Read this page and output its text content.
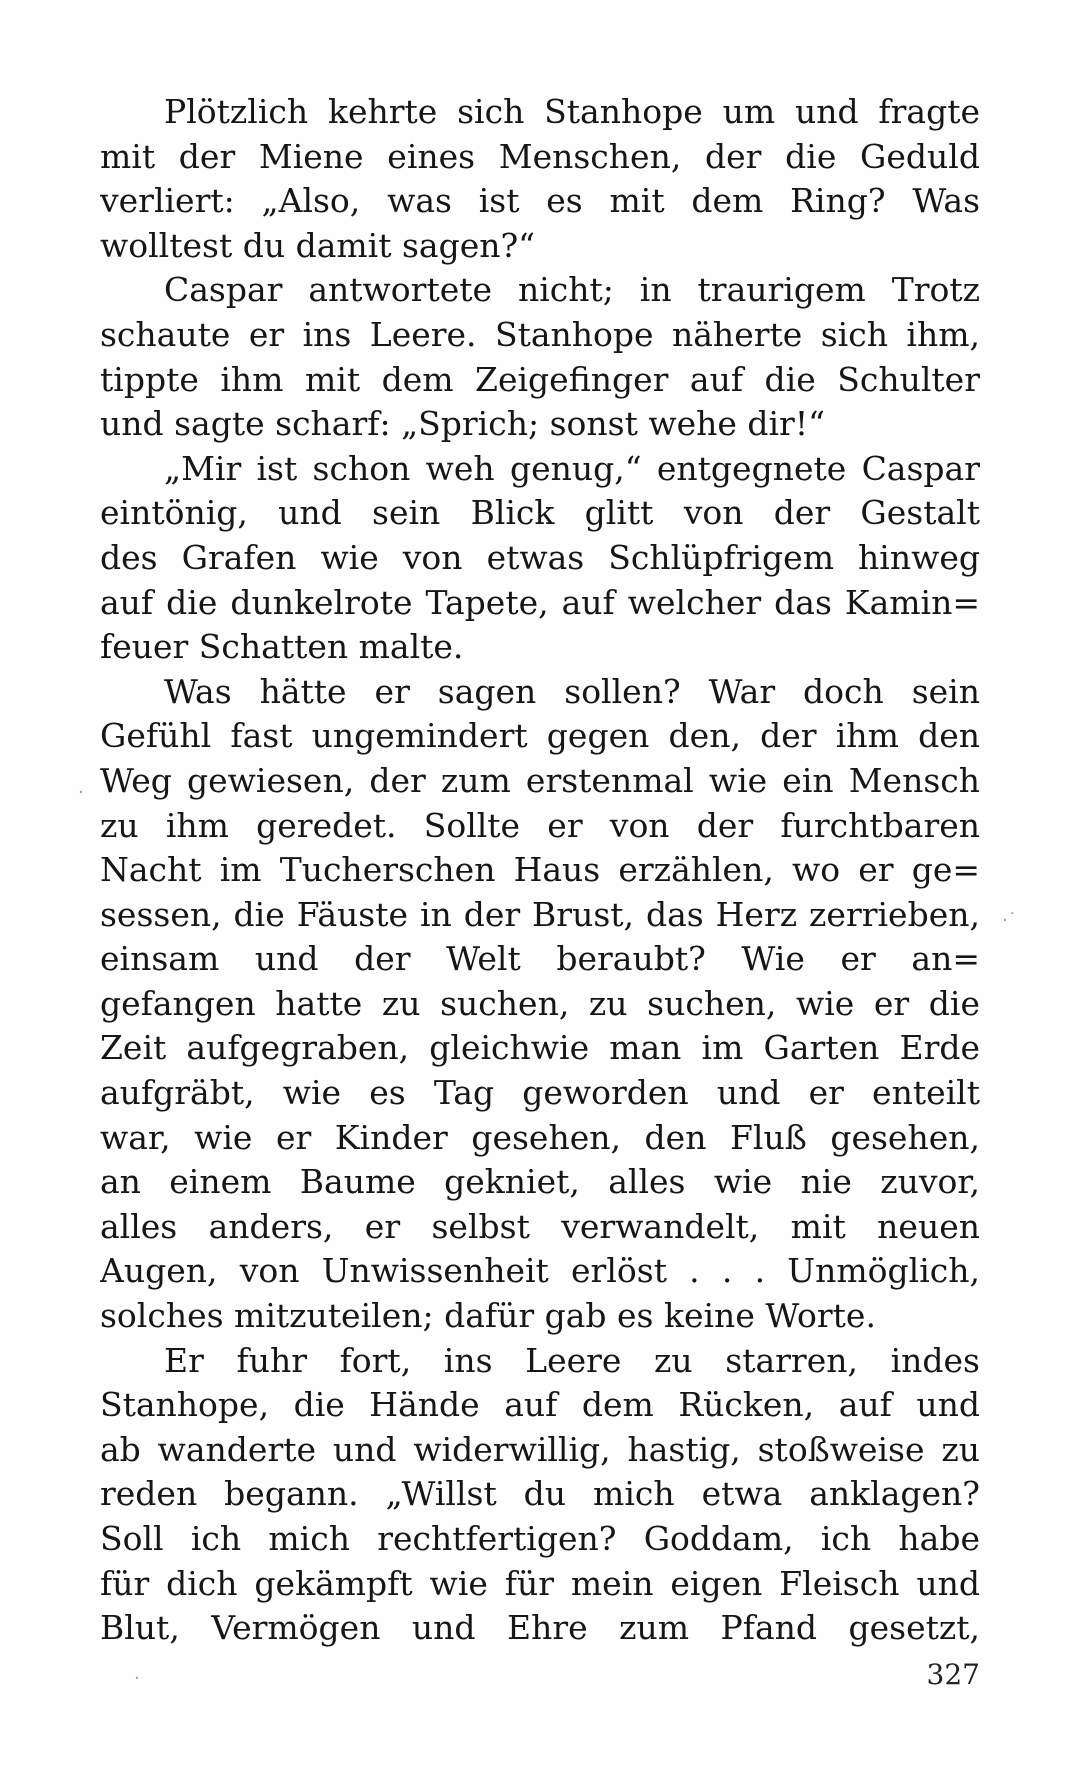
Plötzlich kehrte sich Stanhope um und fragte
mit der Miene eines Menschen, der die Geduld
verliert: „Also, was ist es mit dem Ring? Was
wolltest du damit sagen?“
Caspar antwortete nicht; in traurigem Trotz
schaute er ins Leere. Stanhope näherte sich ihm,
tippte ihm mit dem Zeigefinger auf die Schulter
und sagte scharf: „Sprich; sonst wehe dir!“
„Mir ist schon weh genug,“ entgegnete Caspar
eintönig, und sein Blick glitt von der Gestalt
des Grafen wie von etwas Schlüpfrigem hinweg
auf die dunkelrote Tapete, auf welcher das Kamin=
feuer Schatten malte.
Was hätte er sagen sollen? War doch sein
Gefühl fast ungemindert gegen den, der ihm den
Weg gewiesen, der zum erstenmal wie ein Mensch
zu ihm geredet. Sollte er von der furchtbaren
Nacht im Tucherschen Haus erzählen, wo er ge=
sessen, die Fäuste in der Brust, das Herz zerrieben,
einsam und der Welt beraubt? Wie er an=
gefangen hatte zu suchen, zu suchen, wie er die
Zeit aufgegraben, gleichwie man im Garten Erde
aufgräbt, wie es Tag geworden und er enteilt
war, wie er Kinder gesehen, den Fluß gesehen,
an einem Baume gekniet, alles wie nie zuvor,
alles anders, er selbst verwandelt, mit neuen
Augen, von Unwissenheit erlöst . . . Unmöglich,
solches mitzuteilen; dafür gab es keine Worte.
Er fuhr fort, ins Leere zu starren, indes
Stanhope, die Hände auf dem Rücken, auf und
ab wanderte und widerwillig, hastig, stoßweise zu
reden begann. „Willst du mich etwa anklagen?
Soll ich mich rechtfertigen? Goddam, ich habe
für dich gekämpft wie für mein eigen Fleisch und
Blut, Vermögen und Ehre zum Pfand gesetzt,
327
·
·˙
·
